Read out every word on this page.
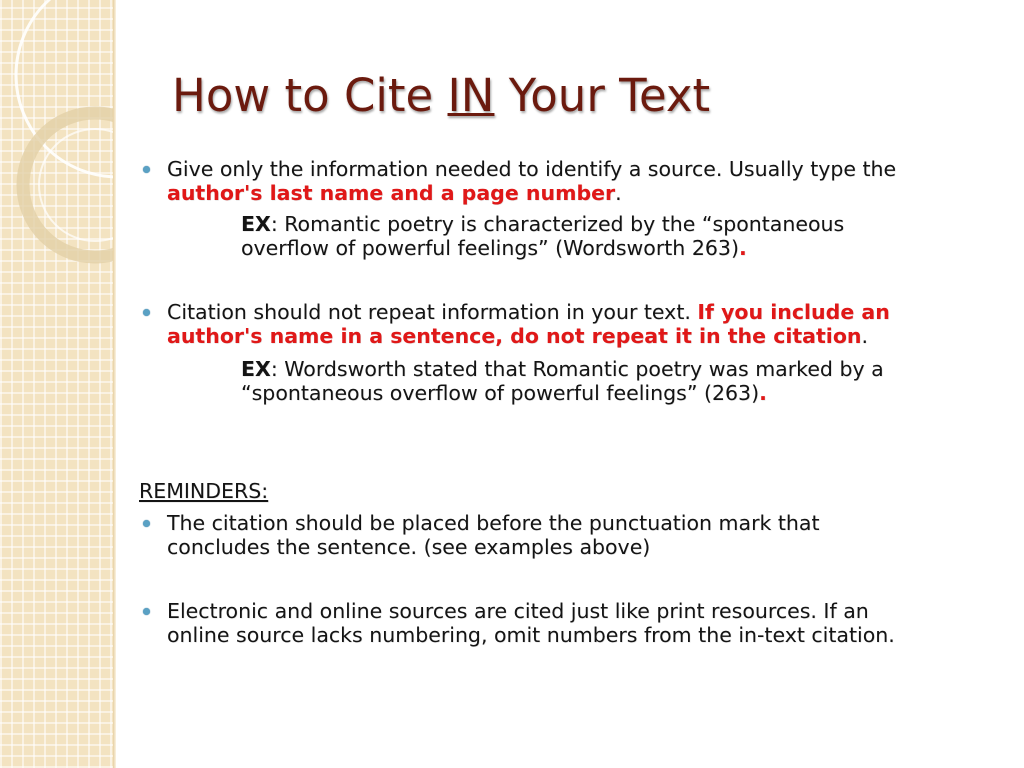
How to Cite IN Your Text
Give only the information needed to identify a source. Usually type the
author's last name and a page number.
EX: Romantic poetry is characterized by the “spontaneous
overflow of powerful feelings” (Wordsworth 263).
Citation should not repeat information in your text. If you include an
author's name in a sentence, do not repeat it in the citation.
EX: Wordsworth stated that Romantic poetry was marked by a
“spontaneous overflow of powerful feelings” (263).
REMINDERS:
The citation should be placed before the punctuation mark that
concludes the sentence. (see examples above)
Electronic and online sources are cited just like print resources. If an
online source lacks numbering, omit numbers from the in-text citation.
